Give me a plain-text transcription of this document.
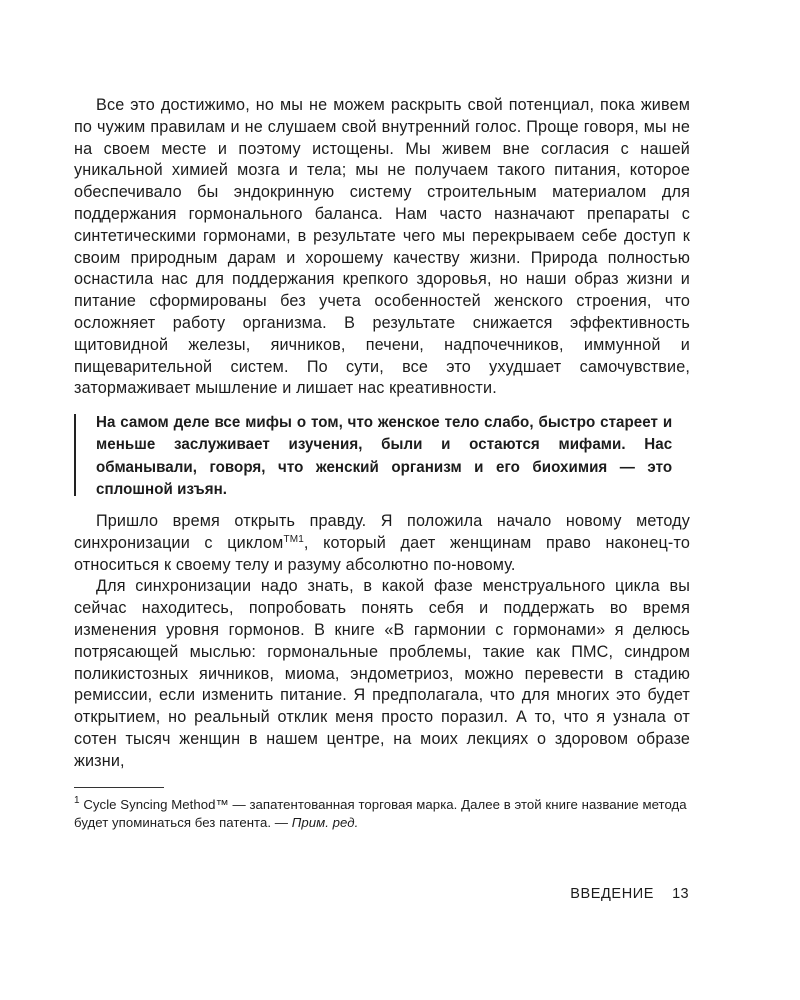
Все это достижимо, но мы не можем раскрыть свой потенциал, пока живем по чужим правилам и не слушаем свой внутренний голос. Проще говоря, мы не на своем месте и поэтому истощены. Мы живем вне согласия с нашей уникальной химией мозга и тела; мы не получаем такого питания, которое обеспечивало бы эндокринную систему строительным материалом для поддержания гормонального баланса. Нам часто назначают препараты с синтетическими гормонами, в результате чего мы перекрываем себе доступ к своим природным дарам и хорошему качеству жизни. Природа полностью оснастила нас для поддержания крепкого здоровья, но наши образ жизни и питание сформированы без учета особенностей женского строения, что осложняет работу организма. В результате снижается эффективность щитовидной железы, яичников, печени, надпочечников, иммунной и пищеварительной систем. По сути, все это ухудшает самочувствие, затормаживает мышление и лишает нас креативности.

На самом деле все мифы о том, что женское тело слабо, быстро стареет и меньше заслуживает изучения, были и остаются мифами. Нас обманывали, говоря, что женский организм и его биохимия — это сплошной изъян.

Пришло время открыть правду. Я положила начало новому методу синхронизации с циклом$^{TM1}$, который дает женщинам право наконец-то относиться к своему телу и разуму абсолютно по-новому.

Для синхронизации надо знать, в какой фазе менструального цикла вы сейчас находитесь, попробовать понять себя и поддержать во время изменения уровня гормонов. В книге «В гармонии с гормонами» я делюсь потрясающей мыслью: гормональные проблемы, такие как ПМС, синдром поликистозных яичников, миома, эндометриоз, можно перевести в стадию ремиссии, если изменить питание. Я предполагала, что для многих это будет открытием, но реальный отклик меня просто поразил. А то, что я узнала от сотен тысяч женщин в нашем центре, на моих лекциях о здоровом образе жизни,

$^1$ Cycle Syncing Method™ — запатентованная торговая марка. Далее в этой книге название метода будет упоминаться без патента. — Прим. ред.

ВВЕДЕНИЕ 13
